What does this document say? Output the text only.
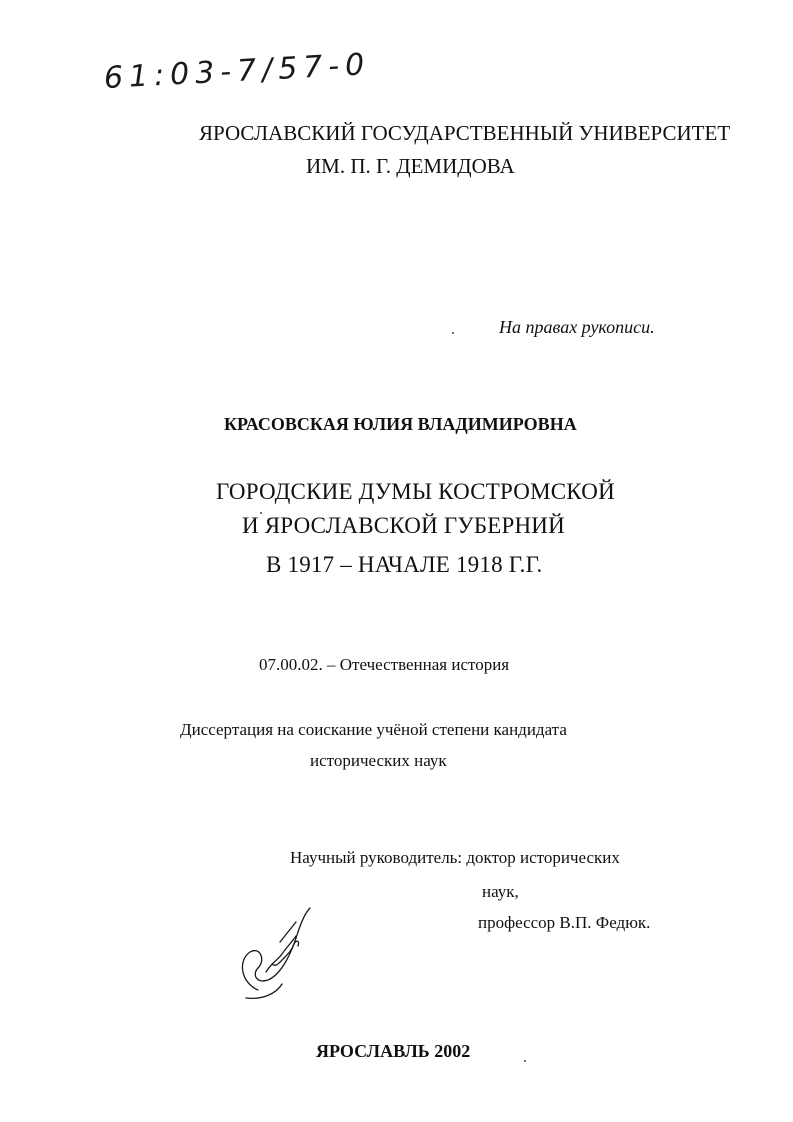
61:03-7/57-0
ЯРОСЛАВСКИЙ ГОСУДАРСТВЕННЫЙ УНИВЕРСИТЕТ
ИМ. П. Г. ДЕМИДОВА
На правах рукописи.
КРАСОВСКАЯ ЮЛИЯ ВЛАДИМИРОВНА
ГОРОДСКИЕ ДУМЫ КОСТРОМСКОЙ
И ЯРОСЛАВСКОЙ ГУБЕРНИЙ
В 1917 – НАЧАЛЕ 1918 Г.Г.
07.00.02. – Отечественная история
Диссертация на соискание учёной степени кандидата
исторических наук
Научный руководитель: доктор исторических
наук,
профессор В.П. Федюк.
ЯРОСЛАВЛЬ 2002
